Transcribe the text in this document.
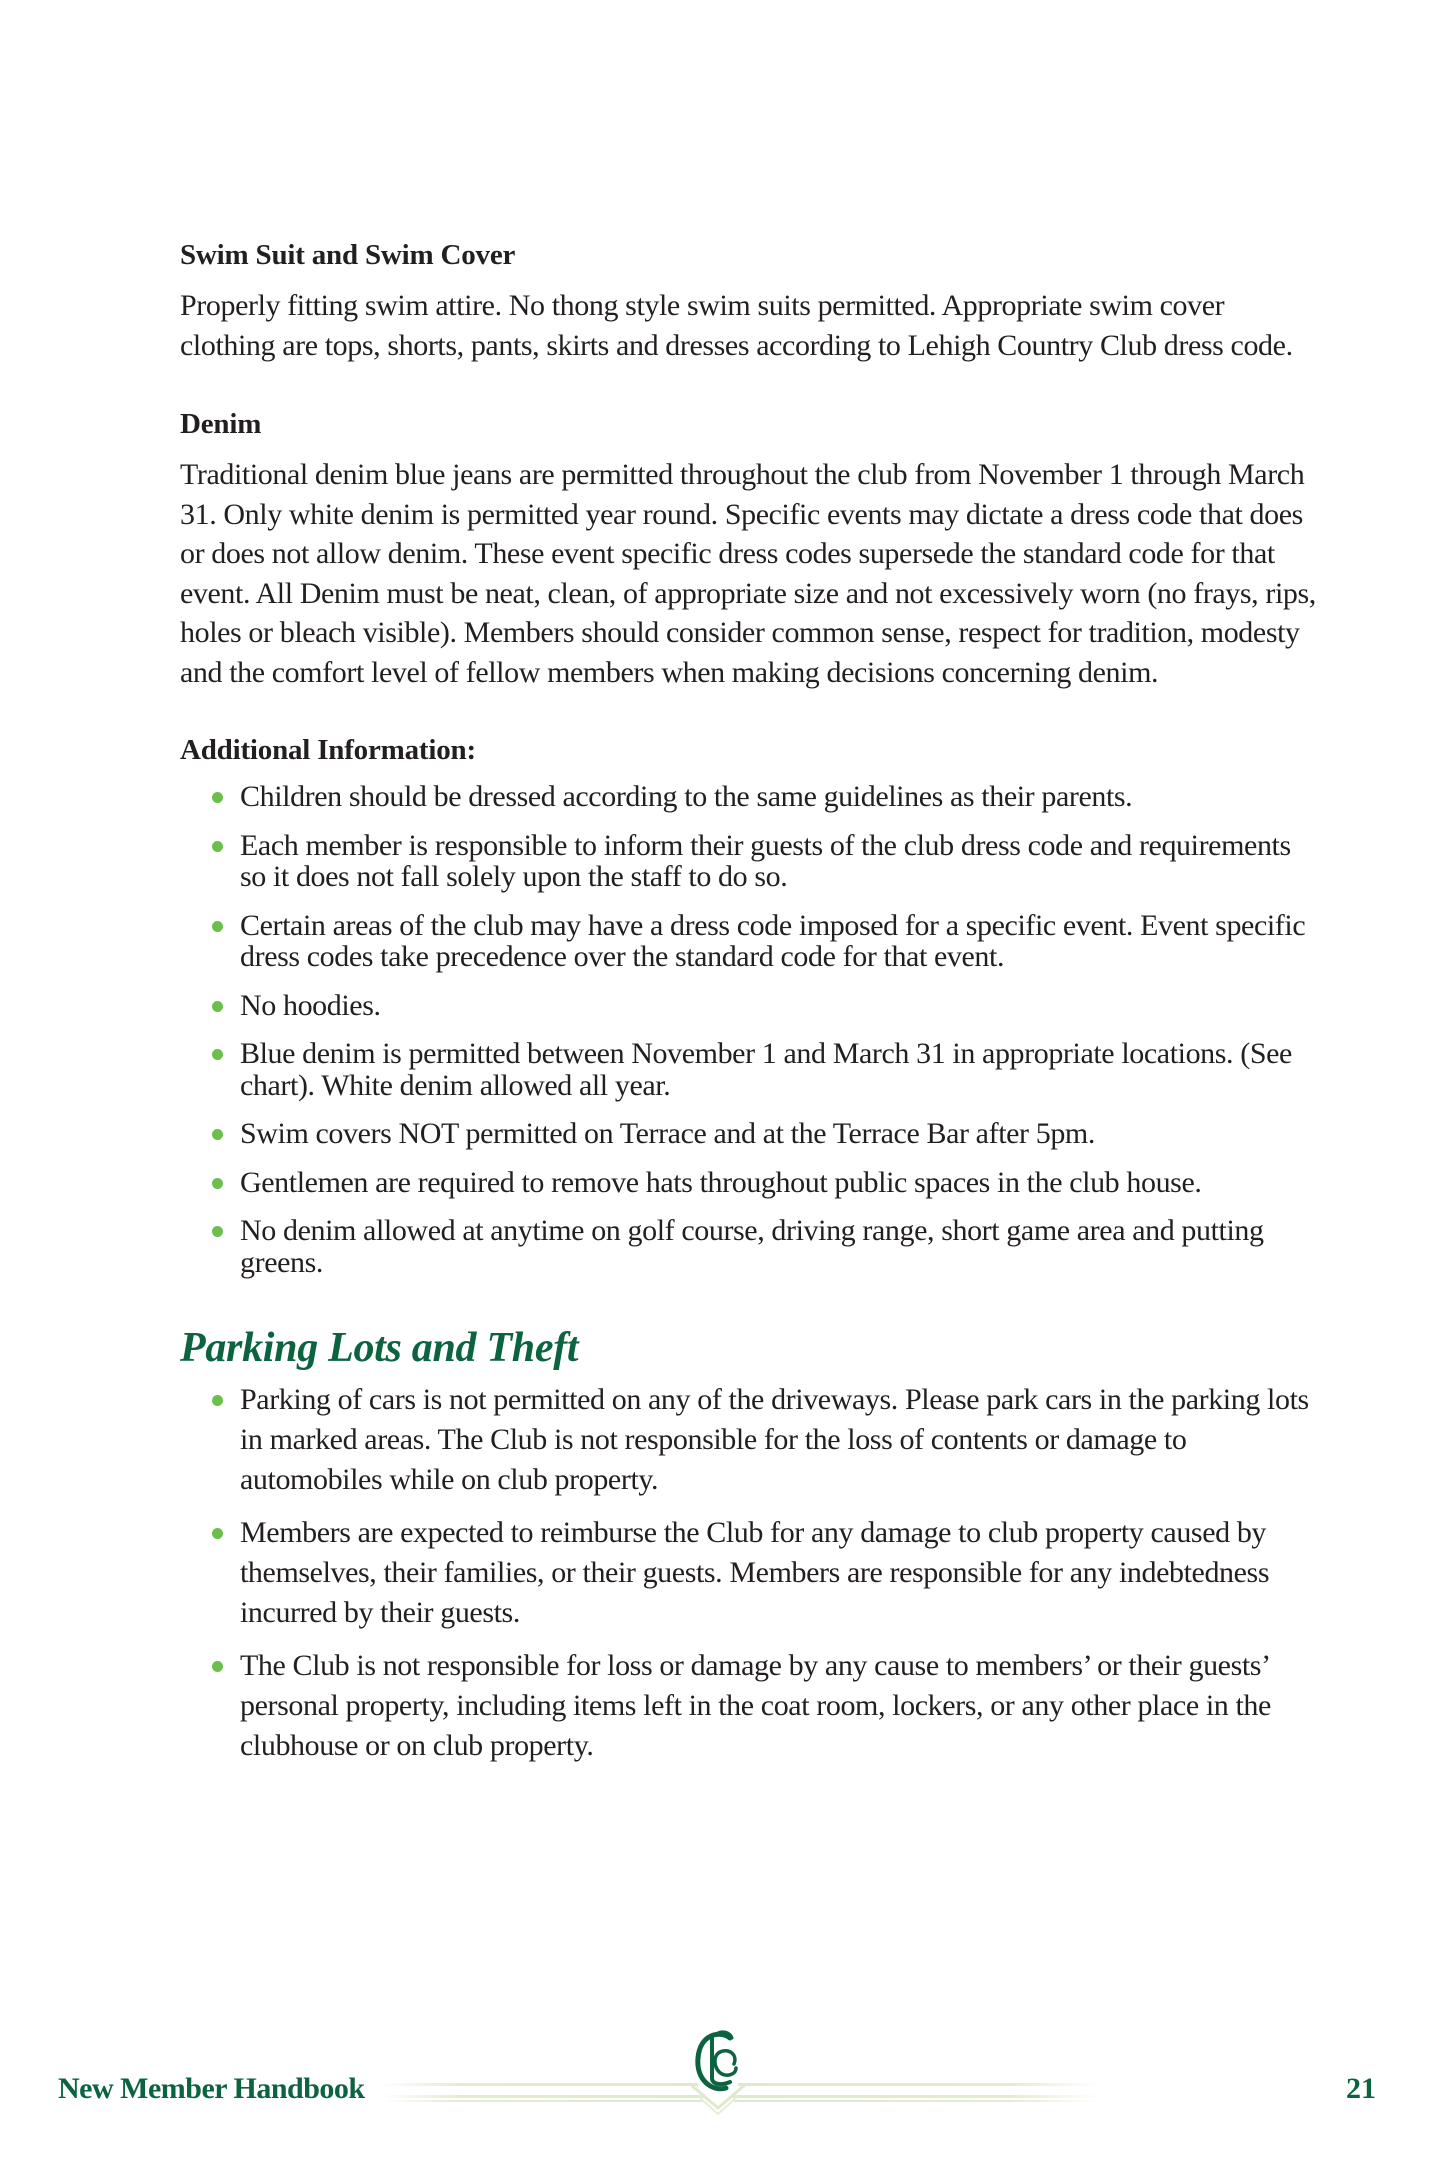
Swim Suit and Swim Cover

Properly fitting swim attire. No thong style swim suits permitted. Appropriate swim cover clothing are tops, shorts, pants, skirts and dresses according to Lehigh Country Club dress code.

Denim

Traditional denim blue jeans are permitted throughout the club from November 1 through March 31. Only white denim is permitted year round. Specific events may dictate a dress code that does or does not allow denim. These event specific dress codes supersede the standard code for that event. All Denim must be neat, clean, of appropriate size and not excessively worn (no frays, rips, holes or bleach visible). Members should consider common sense, respect for tradition, modesty and the comfort level of fellow members when making decisions concerning denim.

Additional Information:
Children should be dressed according to the same guidelines as their parents.
Each member is responsible to inform their guests of the club dress code and requirements so it does not fall solely upon the staff to do so.
Certain areas of the club may have a dress code imposed for a specific event. Event specific dress codes take precedence over the standard code for that event.
No hoodies.
Blue denim is permitted between November 1 and March 31 in appropriate locations. (See chart). White denim allowed all year.
Swim covers NOT permitted on Terrace and at the Terrace Bar after 5pm.
Gentlemen are required to remove hats throughout public spaces in the club house.
No denim allowed at anytime on golf course, driving range, short game area and putting greens.
Parking Lots and Theft
Parking of cars is not permitted on any of the driveways. Please park cars in the parking lots in marked areas. The Club is not responsible for the loss of contents or damage to automobiles while on club property.
Members are expected to reimburse the Club for any damage to club property caused by themselves, their families, or their guests. Members are responsible for any indebtedness incurred by their guests.
The Club is not responsible for loss or damage by any cause to members’ or their guests’ personal property, including items left in the coat room, lockers, or any other place in the clubhouse or on club property.
New Member Handbook	21
